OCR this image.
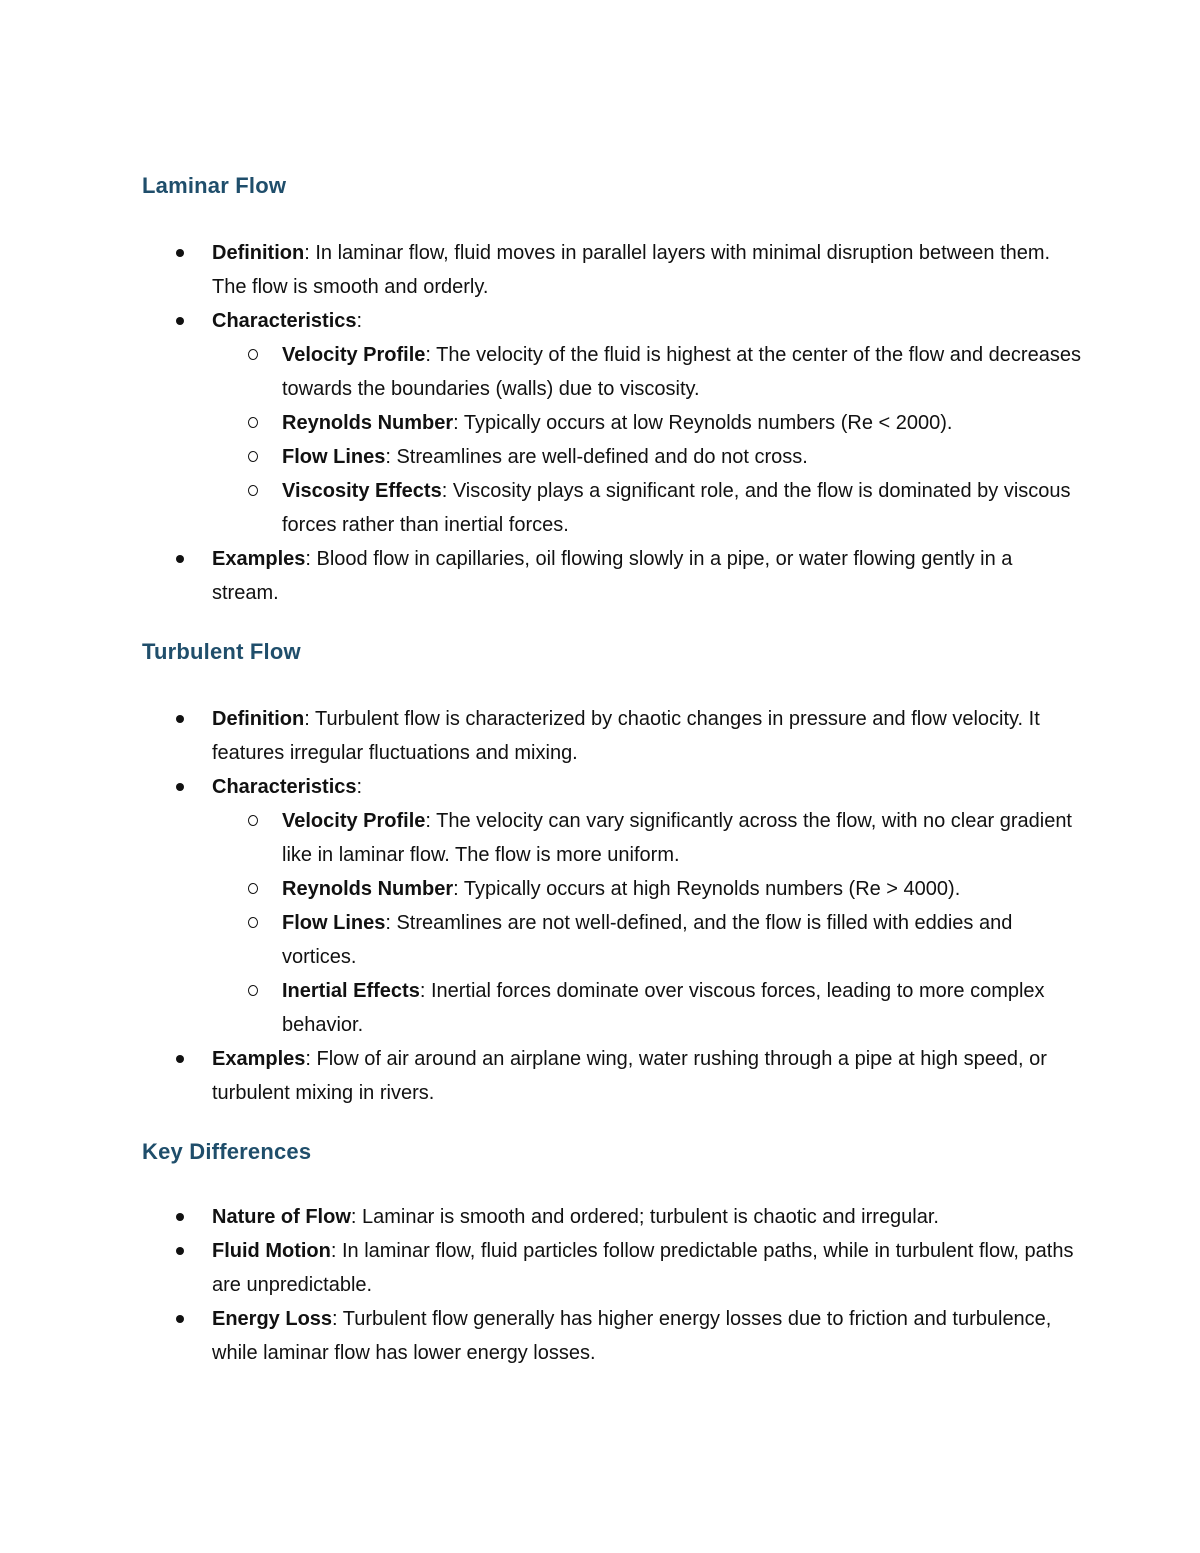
Laminar Flow
Definition: In laminar flow, fluid moves in parallel layers with minimal disruption between them. The flow is smooth and orderly.
Characteristics:
Velocity Profile: The velocity of the fluid is highest at the center of the flow and decreases towards the boundaries (walls) due to viscosity.
Reynolds Number: Typically occurs at low Reynolds numbers (Re < 2000).
Flow Lines: Streamlines are well-defined and do not cross.
Viscosity Effects: Viscosity plays a significant role, and the flow is dominated by viscous forces rather than inertial forces.
Examples: Blood flow in capillaries, oil flowing slowly in a pipe, or water flowing gently in a stream.
Turbulent Flow
Definition: Turbulent flow is characterized by chaotic changes in pressure and flow velocity. It features irregular fluctuations and mixing.
Characteristics:
Velocity Profile: The velocity can vary significantly across the flow, with no clear gradient like in laminar flow. The flow is more uniform.
Reynolds Number: Typically occurs at high Reynolds numbers (Re > 4000).
Flow Lines: Streamlines are not well-defined, and the flow is filled with eddies and vortices.
Inertial Effects: Inertial forces dominate over viscous forces, leading to more complex behavior.
Examples: Flow of air around an airplane wing, water rushing through a pipe at high speed, or turbulent mixing in rivers.
Key Differences
Nature of Flow: Laminar is smooth and ordered; turbulent is chaotic and irregular.
Fluid Motion: In laminar flow, fluid particles follow predictable paths, while in turbulent flow, paths are unpredictable.
Energy Loss: Turbulent flow generally has higher energy losses due to friction and turbulence, while laminar flow has lower energy losses.
